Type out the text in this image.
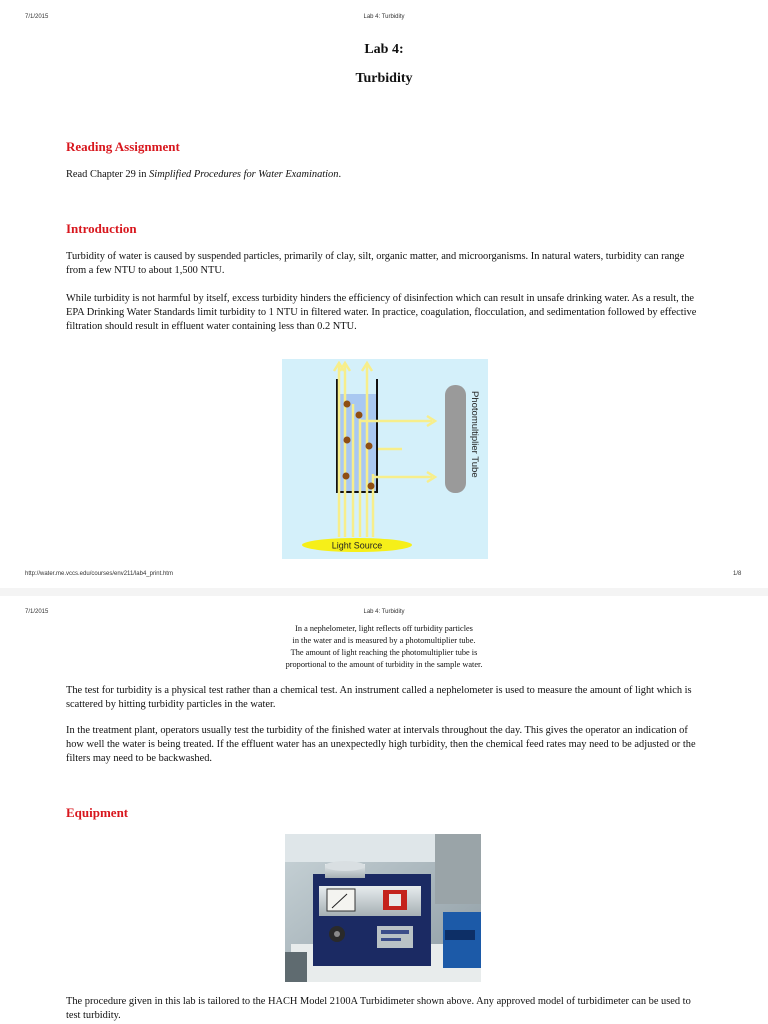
7/1/2015	Lab 4: Turbidity
Lab 4:
Turbidity
Reading Assignment
Read Chapter 29 in Simplified Procedures for Water Examination.
Introduction
Turbidity of water is caused by suspended particles, primarily of clay, silt, organic matter, and microorganisms. In natural waters, turbidity can range from a few NTU to about 1,500 NTU.
While turbidity is not harmful by itself, excess turbidity hinders the efficiency of disinfection which can result in unsafe drinking water. As a result, the EPA Drinking Water Standards limit turbidity to 1 NTU in filtered water. In practice, coagulation, flocculation, and sedimentation followed by effective filtration should result in effluent water containing less than 0.2 NTU.
Photomultiplier Tube
Light Source
http://water.me.vccs.edu/courses/env211/lab4_print.htm	1/8
7/1/2015	Lab 4: Turbidity
In a nephelometer, light reflects off turbidity particles
in the water and is measured by a photomultiplier tube.
The amount of light reaching the photomultiplier tube is
proportional to the amount of turbidity in the sample water.
The test for turbidity is a physical test rather than a chemical test. An instrument called a nephelometer is used to measure the amount of light which is scattered by hitting turbidity particles in the water.
In the treatment plant, operators usually test the turbidity of the finished water at intervals throughout the day. This gives the operator an indication of how well the water is being treated. If the effluent water has an unexpectedly high turbidity, then the chemical feed rates may need to be adjusted or the filters may need to be backwashed.
Equipment
The procedure given in this lab is tailored to the HACH Model 2100A Turbidimeter shown above. Any approved model of turbidimeter can be used to test turbidity.
